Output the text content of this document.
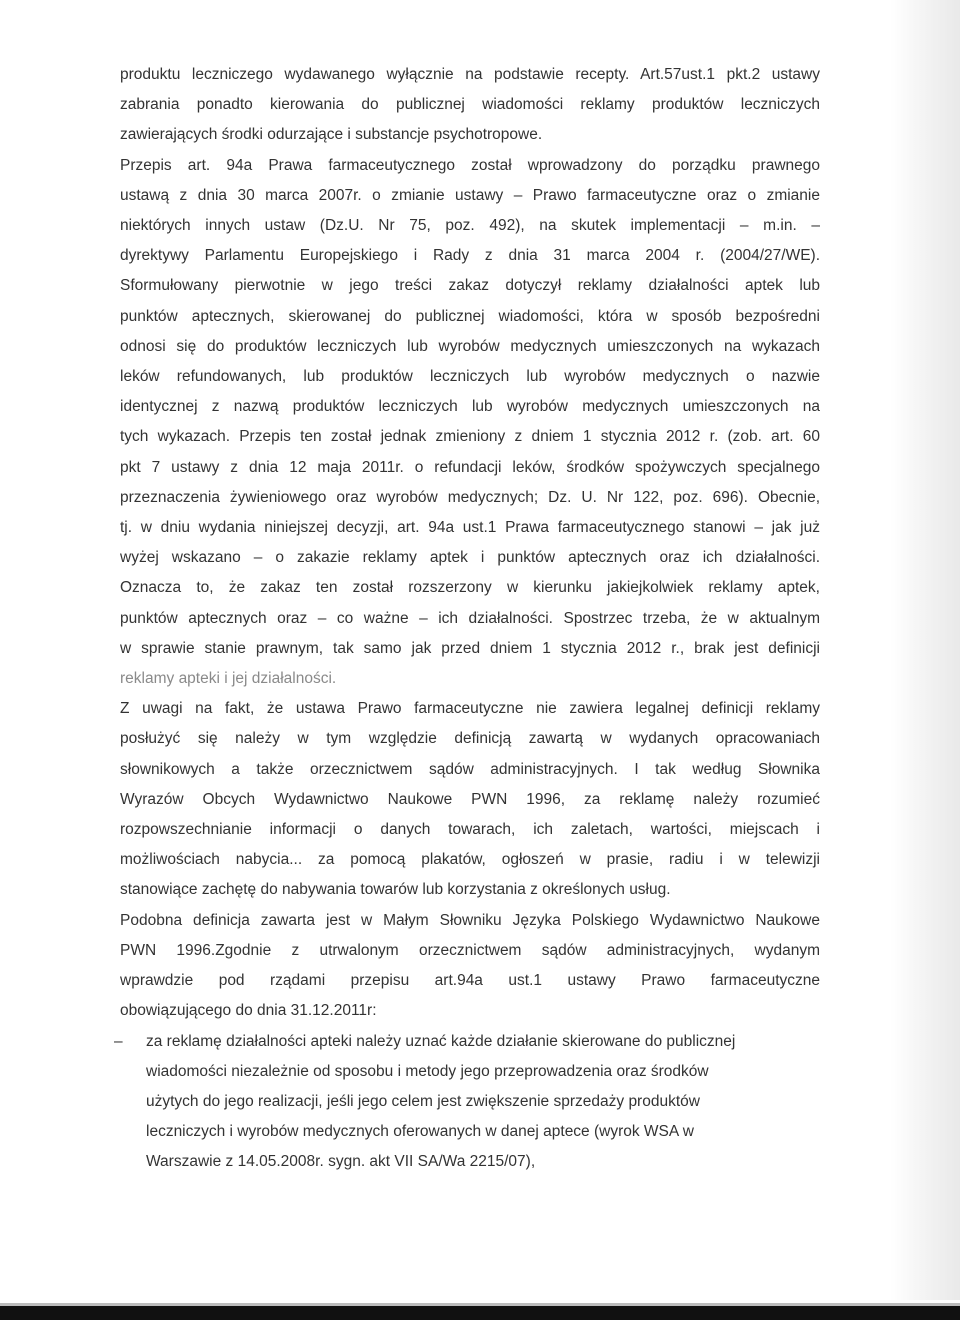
produktu leczniczego wydawanego wyłącznie na podstawie recepty. Art.57ust.1 pkt.2 ustawy
zabrania ponadto kierowania do publicznej wiadomości reklamy produktów leczniczych
zawierających środki odurzające i substancje psychotropowe.
Przepis art. 94a Prawa farmaceutycznego został wprowadzony do porządku prawnego
ustawą z dnia 30 marca 2007r. o zmianie ustawy – Prawo farmaceutyczne oraz o zmianie
niektórych innych ustaw (Dz.U. Nr 75, poz. 492), na skutek implementacji – m.in. –
dyrektywy Parlamentu Europejskiego i Rady z dnia 31 marca 2004 r. (2004/27/WE).
Sformułowany pierwotnie w jego treści zakaz dotyczył reklamy działalności aptek lub
punktów aptecznych, skierowanej do publicznej wiadomości, która w sposób bezpośredni
odnosi się do produktów leczniczych lub wyrobów medycznych umieszczonych na wykazach
leków refundowanych, lub produktów leczniczych lub wyrobów medycznych o nazwie
identycznej z nazwą produktów leczniczych lub wyrobów medycznych umieszczonych na
tych wykazach. Przepis ten został jednak zmieniony z dniem 1 stycznia 2012 r. (zob. art. 60
pkt 7 ustawy z dnia 12 maja 2011r. o refundacji leków, środków spożywczych specjalnego
przeznaczenia żywieniowego oraz wyrobów medycznych; Dz. U. Nr 122, poz. 696). Obecnie,
tj. w dniu wydania niniejszej decyzji, art. 94a ust.1 Prawa farmaceutycznego stanowi – jak już
wyżej wskazano – o zakazie reklamy aptek i punktów aptecznych oraz ich działalności.
Oznacza to, że zakaz ten został rozszerzony w kierunku jakiejkolwiek reklamy aptek,
punktów aptecznych oraz – co ważne – ich działalności. Spostrzec trzeba, że w aktualnym
w sprawie stanie prawnym, tak samo jak przed dniem 1 stycznia 2012 r., brak jest definicji
reklamy apteki i jej działalności.
Z uwagi na fakt, że ustawa Prawo farmaceutyczne nie zawiera legalnej definicji reklamy
posłużyć się należy w tym względzie definicją zawartą w wydanych opracowaniach
słownikowych a także orzecznictwem sądów administracyjnych. I tak według Słownika
Wyrazów Obcych Wydawnictwo Naukowe PWN 1996, za reklamę należy rozumieć
rozpowszechnianie informacji o danych towarach, ich zaletach, wartości, miejscach i
możliwościach nabycia... za pomocą plakatów, ogłoszeń w prasie, radiu i w telewizji
stanowiące zachętę do nabywania towarów lub korzystania z określonych usług.
Podobna definicja zawarta jest w Małym Słowniku Języka Polskiego Wydawnictwo Naukowe
PWN 1996.Zgodnie z utrwalonym orzecznictwem sądów administracyjnych, wydanym
wprawdzie pod rządami przepisu art.94a ust.1 ustawy Prawo farmaceutyczne
obowiązującego do dnia 31.12.2011r:
– za reklamę działalności apteki należy uznać każde działanie skierowane do publicznej
wiadomości niezależnie od sposobu i metody jego przeprowadzenia oraz środków
użytych do jego realizacji, jeśli jego celem jest zwiększenie sprzedaży produktów
leczniczych i wyrobów medycznych oferowanych w danej aptece (wyrok WSA w
Warszawie z 14.05.2008r. sygn. akt VII SA/Wa 2215/07),
